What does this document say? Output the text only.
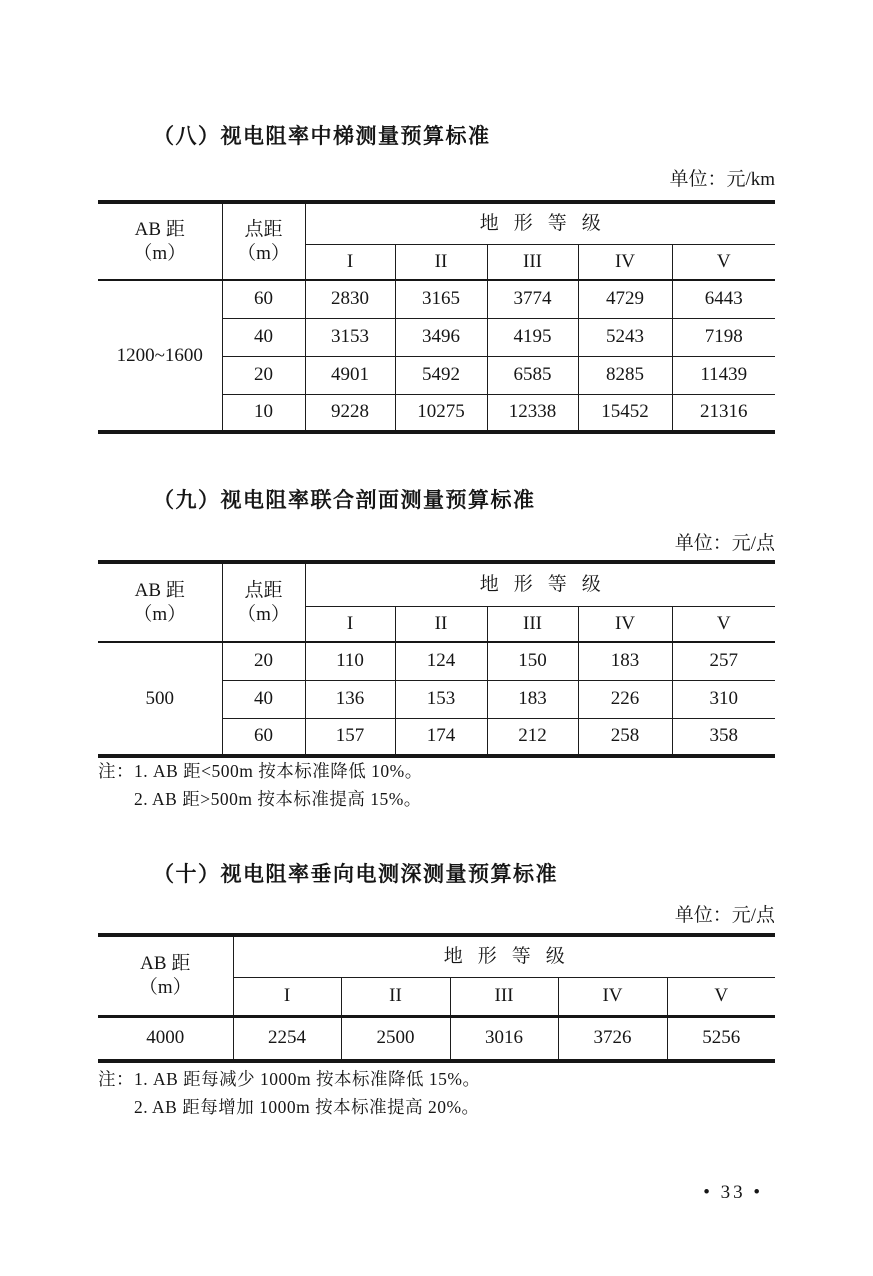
（八）视电阻率中梯测量预算标准
单位：元/km
AB 距
（m）	点距
（m）	地形等级				
		I	II	III	IV	V
1200~1600	60	2830	3165	3774	4729	6443
	40	3153	3496	4195	5243	7198
	20	4901	5492	6585	8285	11439
	10	9228	10275	12338	15452	21316
（九）视电阻率联合剖面测量预算标准
单位：元/点
AB 距
（m）	点距
（m）	地形等级				
		I	II	III	IV	V
500	20	110	124	150	183	257
	40	136	153	183	226	310
	60	157	174	212	258	358
注：1. AB 距<500m 按本标准降低 10%。
2. AB 距>500m 按本标准提高 15%。
（十）视电阻率垂向电测深测量预算标准
单位：元/点
AB 距
（m）	地形等级				
	I	II	III	IV	V
4000	2254	2500	3016	3726	5256
注：1. AB 距每减少 1000m 按本标准降低 15%。
2. AB 距每增加 1000m 按本标准提高 20%。
• 33 •
